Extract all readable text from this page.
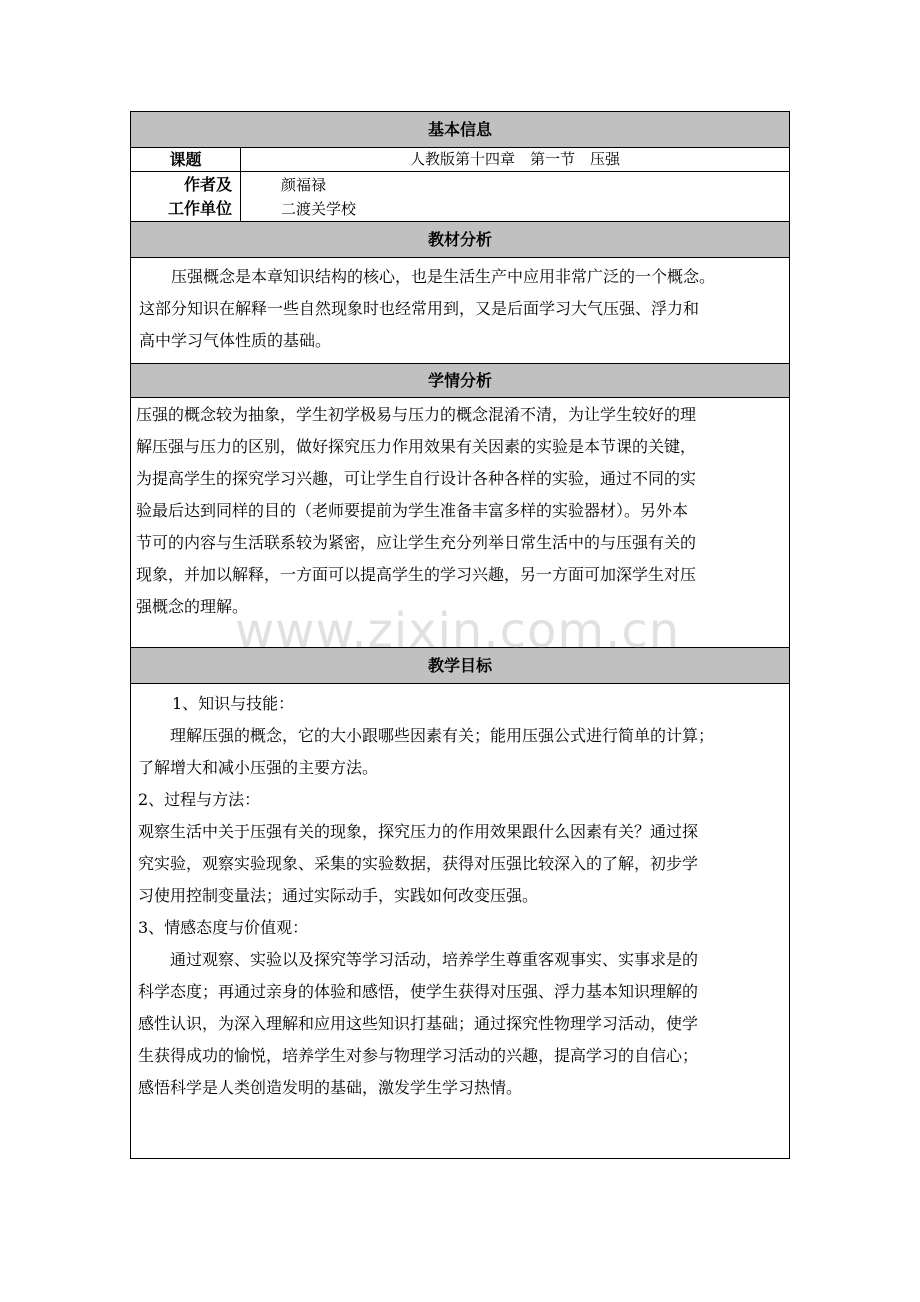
基本信息
课题	人教版第十四章　第一节　压强
作者及
工作单位
颜福禄
二渡关学校
教材分析

压强概念是本章知识结构的核心，也是生活生产中应用非常广泛的一个概念。

这部分知识在解释一些自然现象时也经常用到，又是后面学习大气压强、浮力和

高中学习气体性质的基础。

学情分析

压强的概念较为抽象，学生初学极易与压力的概念混淆不清，为让学生较好的理

解压强与压力的区别，做好探究压力作用效果有关因素的实验是本节课的关键，

为提高学生的探究学习兴趣，可让学生自行设计各种各样的实验，通过不同的实

验最后达到同样的目的（老师要提前为学生准备丰富多样的实验器材）。另外本

节可的内容与生活联系较为紧密，应让学生充分列举日常生活中的与压强有关的

现象，并加以解释，一方面可以提高学生的学习兴趣，另一方面可加深学生对压

强概念的理解。

教学目标

1、知识与技能：

理解压强的概念，它的大小跟哪些因素有关；能用压强公式进行简单的计算；

了解增大和减小压强的主要方法。

2、过程与方法：

观察生活中关于压强有关的现象，探究压力的作用效果跟什么因素有关？通过探

究实验，观察实验现象、采集的实验数据，获得对压强比较深入的了解，初步学

习使用控制变量法；通过实际动手，实践如何改变压强。

3、情感态度与价值观：

通过观察、实验以及探究等学习活动，培养学生尊重客观事实、实事求是的

科学态度；再通过亲身的体验和感悟，使学生获得对压强、浮力基本知识理解的

感性认识，为深入理解和应用这些知识打基础；通过探究性物理学习活动，使学

生获得成功的愉悦，培养学生对参与物理学习活动的兴趣，提高学习的自信心；

感悟科学是人类创造发明的基础，激发学生学习热情。

www.zixin.com.cn
